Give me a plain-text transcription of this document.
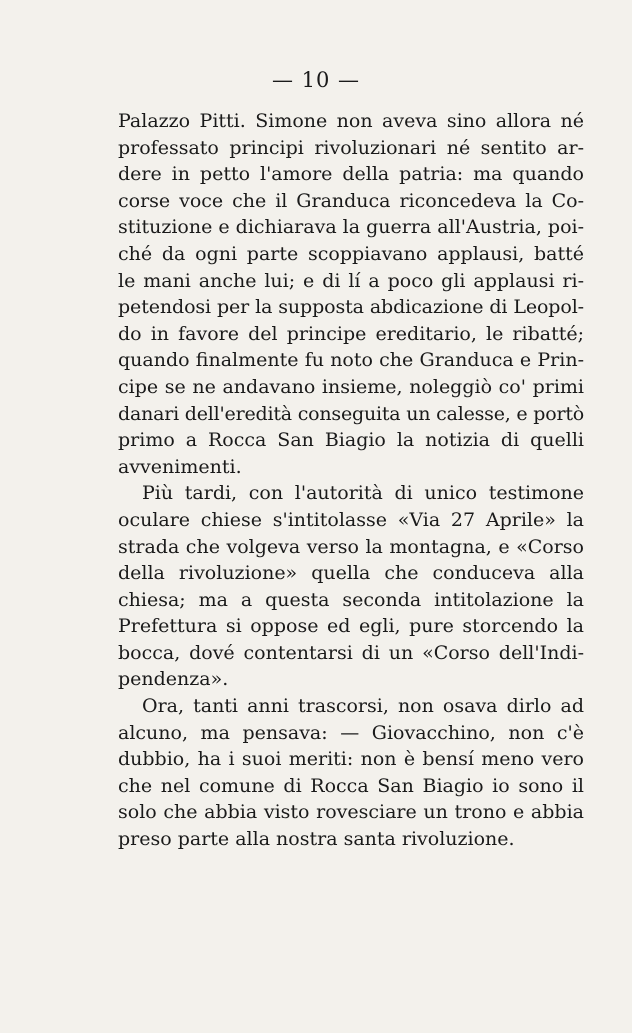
— 10 —
Palazzo Pitti. Simone non aveva sino allora né
professato principi rivoluzionari né sentito ar-
dere in petto l'amore della patria: ma quando
corse voce che il Granduca riconcedeva la Co-
stituzione e dichiarava la guerra all'Austria, poi-
ché da ogni parte scoppiavano applausi, batté
le mani anche lui; e di lí a poco gli applausi ri-
petendosi per la supposta abdicazione di Leopol-
do in favore del principe ereditario, le ribatté;
quando finalmente fu noto che Granduca e Prin-
cipe se ne andavano insieme, noleggiò co' primi
danari dell'eredità conseguita un calesse, e portò
primo a Rocca San Biagio la notizia di quelli
avvenimenti.
Più tardi, con l'autorità di unico testimone
oculare chiese s'intitolasse «Via 27 Aprile» la
strada che volgeva verso la montagna, e «Corso
della rivoluzione» quella che conduceva alla
chiesa; ma a questa seconda intitolazione la
Prefettura si oppose ed egli, pure storcendo la
bocca, dové contentarsi di un «Corso dell'Indi-
pendenza».
Ora, tanti anni trascorsi, non osava dirlo ad
alcuno, ma pensava: — Giovacchino, non c'è
dubbio, ha i suoi meriti: non è bensí meno vero
che nel comune di Rocca San Biagio io sono il
solo che abbia visto rovesciare un trono e abbia
preso parte alla nostra santa rivoluzione.
